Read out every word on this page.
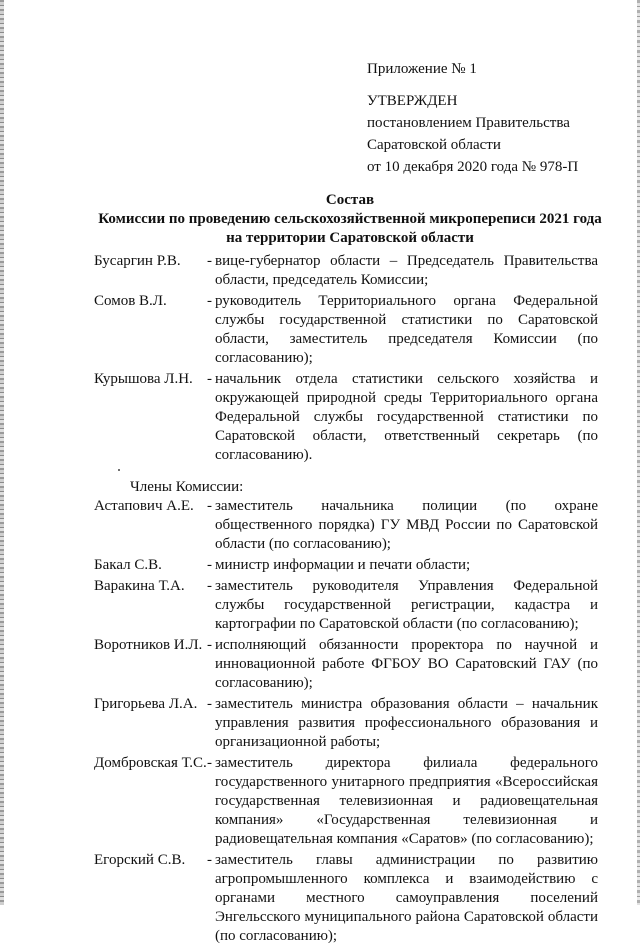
Приложение № 1
УТВЕРЖДЕН
постановлением Правительства
Саратовской области
от 10 декабря 2020 года № 978-П
Состав
Комиссии по проведению сельскохозяйственной микропереписи 2021 года
на территории Саратовской области
Бусаргин Р.В.	- вице-губернатор области – Председатель Правительства области, председатель Комиссии;
Сомов В.Л.	- руководитель Территориального органа Федеральной службы государственной статистики по Саратовской области, заместитель председателя Комиссии (по согласованию);
Курышова Л.Н. - начальник отдела статистики сельского хозяйства и окружающей природной среды Территориального органа Федеральной службы государственной статистики по Саратовской области, ответственный секретарь (по согласованию).
Члены Комиссии:
Астапович А.Е. - заместитель начальника полиции (по охране общественного порядка) ГУ МВД России по Саратовской области (по согласованию);
Бакал С.В.	- министр информации и печати области;
Варакина Т.А.	- заместитель руководителя Управления Федеральной службы государственной регистрации, кадастра и картографии по Саратовской области (по согласованию);
Воротников И.Л. - исполняющий обязанности проректора по научной и инновационной работе ФГБОУ ВО Саратовский ГАУ (по согласованию);
Григорьева Л.А. - заместитель министра образования области – начальник управления развития профессионального образования и организационной работы;
Домбровская Т.С. - заместитель директора филиала федерального государственного унитарного предприятия «Всероссийская государственная телевизионная и радиовещательная компания» «Государственная телевизионная и радиовещательная компания «Саратов» (по согласованию);
Егорский С.В.	- заместитель главы администрации по развитию агропромышленного комплекса и взаимодействию с органами местного самоуправления поселений Энгельсского муниципального района Саратовской области (по согласованию);
